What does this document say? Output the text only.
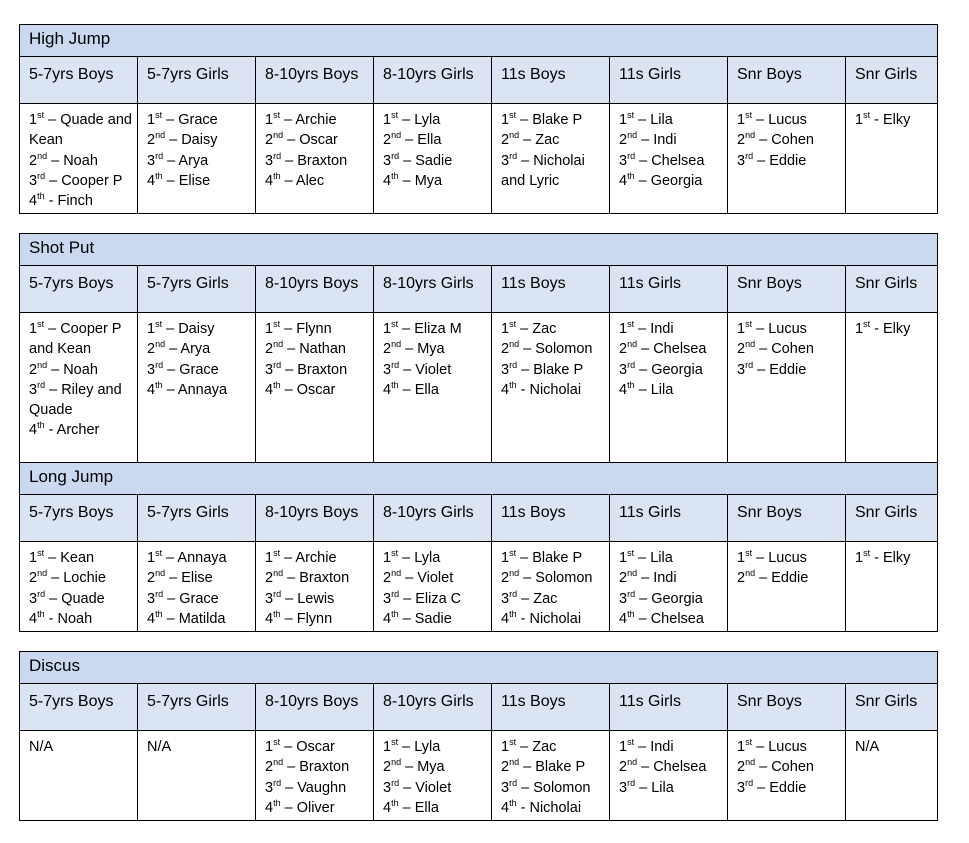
High Jump							
5-7yrs Boys	5-7yrs Girls	8-10yrs Boys	8-10yrs Girls	11s Boys	11s Girls	Snr Boys	Snr Girls

1st – Quade and Kean
2nd – Noah
3rd – Cooper P
4th - Finch	1st – Grace
2nd – Daisy
3rd – Arya
4th – Elise	1st – Archie
2nd – Oscar
3rd – Braxton
4th – Alec	1st – Lyla
2nd – Ella
3rd – Sadie
4th – Mya	1st – Blake P
2nd – Zac
3rd – Nicholai and Lyric	1st – Lila
2nd – Indi
3rd – Chelsea
4th – Georgia	1st – Lucus
2nd – Cohen
3rd – Eddie	1st - Elky
Shot Put							
5-7yrs Boys	5-7yrs Girls	8-10yrs Boys	8-10yrs Girls	11s Boys	11s Girls	Snr Boys	Snr Girls

1st – Cooper P and Kean
2nd – Noah
3rd – Riley and Quade
4th - Archer	1st – Daisy
2nd – Arya
3rd – Grace
4th – Annaya	1st – Flynn
2nd – Nathan
3rd – Braxton
4th – Oscar	1st – Eliza M
2nd – Mya
3rd – Violet
4th – Ella	1st – Zac
2nd – Solomon
3rd – Blake P
4th - Nicholai	1st – Indi
2nd – Chelsea
3rd – Georgia
4th – Lila	1st – Lucus
2nd – Cohen
3rd – Eddie	1st - Elky
Long Jump							
5-7yrs Boys	5-7yrs Girls	8-10yrs Boys	8-10yrs Girls	11s Boys	11s Girls	Snr Boys	Snr Girls

1st – Kean
2nd – Lochie
3rd – Quade
4th - Noah	1st – Annaya
2nd – Elise
3rd – Grace
4th – Matilda	1st – Archie
2nd – Braxton
3rd – Lewis
4th – Flynn	1st – Lyla
2nd – Violet
3rd – Eliza C
4th – Sadie	1st – Blake P
2nd – Solomon
3rd – Zac
4th - Nicholai	1st – Lila
2nd – Indi
3rd – Georgia
4th – Chelsea	1st – Lucus
2nd – Eddie	1st - Elky
Discus							
5-7yrs Boys	5-7yrs Girls	8-10yrs Boys	8-10yrs Girls	11s Boys	11s Girls	Snr Boys	Snr Girls

N/A	N/A	1st – Oscar
2nd – Braxton
3rd – Vaughn
4th – Oliver	1st – Lyla
2nd – Mya
3rd – Violet
4th – Ella	1st – Zac
2nd – Blake P
3rd – Solomon
4th - Nicholai	1st – Indi
2nd – Chelsea
3rd – Lila	1st – Lucus
2nd – Cohen
3rd – Eddie	N/A
